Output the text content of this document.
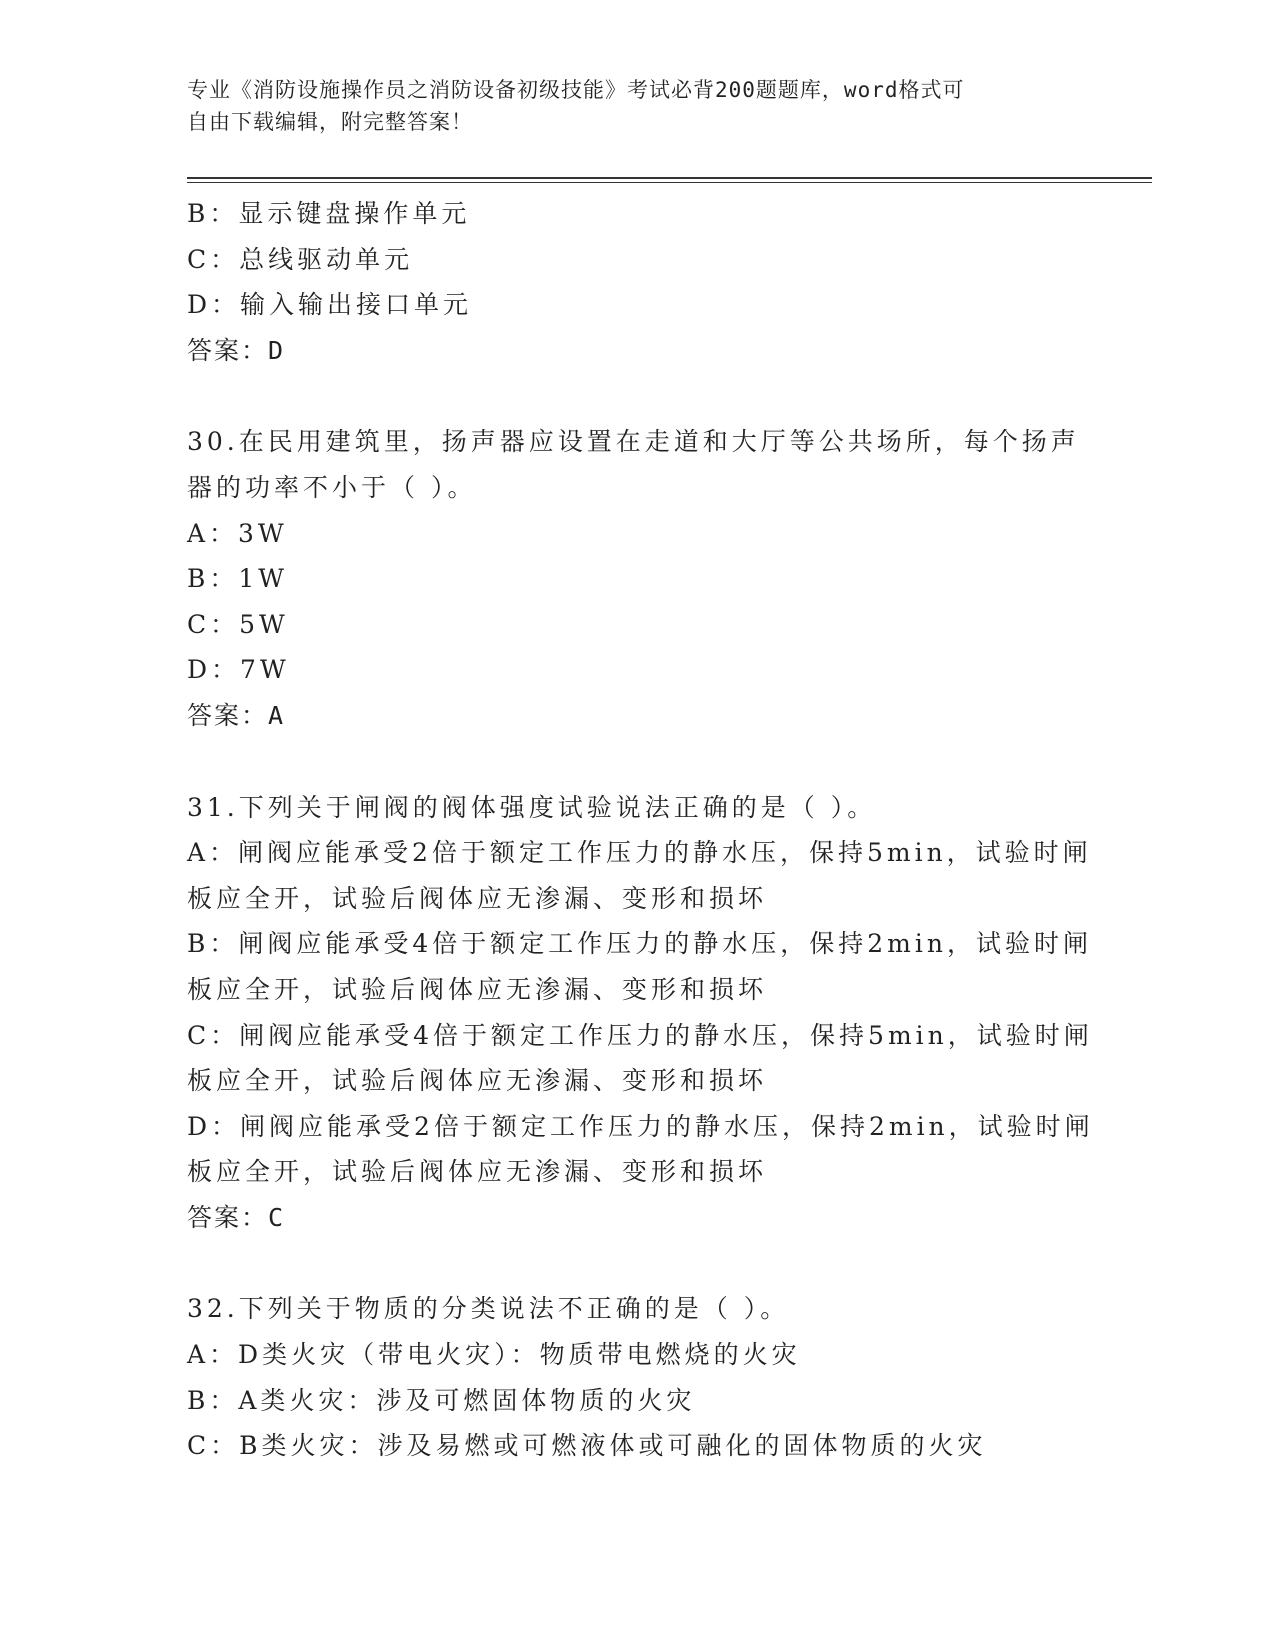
专业《消防设施操作员之消防设备初级技能》考试必背200题题库，word格式可
自由下载编辑，附完整答案！
B：显示键盘操作单元
C：总线驱动单元
D：输入输出接口单元
答案：D
30.在民用建筑里，扬声器应设置在走道和大厅等公共场所，每个扬声
器的功率不小于（ ）。
A：3W
B：1W
C：5W
D：7W
答案：A
31.下列关于闸阀的阀体强度试验说法正确的是（ ）。
A：闸阀应能承受2倍于额定工作压力的静水压，保持5min，试验时闸
板应全开，试验后阀体应无渗漏、变形和损坏
B：闸阀应能承受4倍于额定工作压力的静水压，保持2min，试验时闸
板应全开，试验后阀体应无渗漏、变形和损坏
C：闸阀应能承受4倍于额定工作压力的静水压，保持5min，试验时闸
板应全开，试验后阀体应无渗漏、变形和损坏
D：闸阀应能承受2倍于额定工作压力的静水压，保持2min，试验时闸
板应全开，试验后阀体应无渗漏、变形和损坏
答案：C
32.下列关于物质的分类说法不正确的是（ ）。
A：D类火灾（带电火灾）：物质带电燃烧的火灾
B：A类火灾：涉及可燃固体物质的火灾
C：B类火灾：涉及易燃或可燃液体或可融化的固体物质的火灾
